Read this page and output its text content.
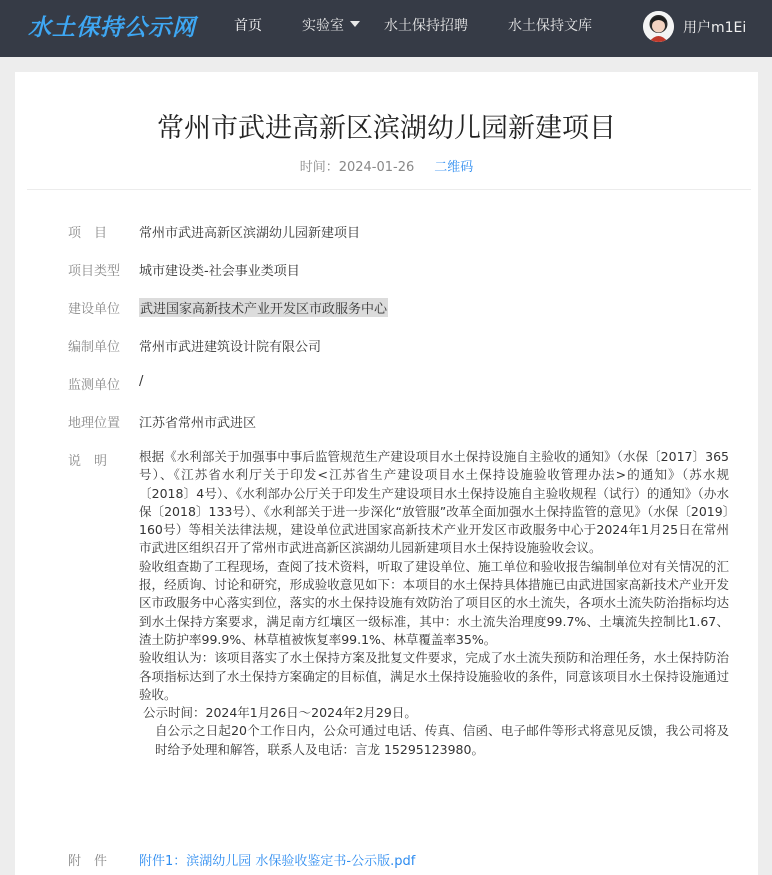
水土保持公示网	首页	实验室	水土保持招聘	水土保持文库	用户m1Ei
常州市武进高新区滨湖幼儿园新建项目
时间：2024-01-26 二维码
项　目	常州市武进高新区滨湖幼儿园新建项目
项目类型	城市建设类-社会事业类项目
建设单位	武进国家高新技术产业开发区市政服务中心
编制单位	常州市武进建筑设计院有限公司
监测单位	/
地理位置	江苏省常州市武进区
说　明	根据《水利部关于加强事中事后监管规范生产建设项目水土保持设施自主验收的通知》（水保〔2017〕365号）、《江苏省水利厅关于印发<江苏省生产建设项目水土保持设施验收管理办法>的通知》（苏水规〔2018〕4号）、《水利部办公厅关于印发生产建设项目水土保持设施自主验收规程（试行）的通知》（办水保〔2018〕133号）、《水利部关于进一步深化“放管服”改革全面加强水土保持监管的意见》（水保〔2019〕160号）等相关法律法规，建设单位武进国家高新技术产业开发区市政服务中心于2024年1月25日在常州市武进区组织召开了常州市武进高新区滨湖幼儿园新建项目水土保持设施验收会议。

验收组查勘了工程现场，查阅了技术资料，听取了建设单位、施工单位和验收报告编制单位对有关情况的汇报，经质询、讨论和研究，形成验收意见如下：本项目的水土保持具体措施已由武进国家高新技术产业开发区市政服务中心落实到位，落实的水土保持设施有效防治了项目区的水土流失，各项水土流失防治指标均达到水土保持方案要求，满足南方红壤区一级标准，其中：水土流失治理度99.7%、土壤流失控制比1.67、渣土防护率99.9%、林草植被恢复率99.1%、林草覆盖率35%。

验收组认为：该项目落实了水土保持方案及批复文件要求，完成了水土流失预防和治理任务，水土保持防治各项指标达到了水土保持方案确定的目标值，满足水土保持设施验收的条件，同意该项目水土保持设施通过验收。

公示时间：2024年1月26日～2024年2月29日。

自公示之日起20个工作日内，公众可通过电话、传真、信函、电子邮件等形式将意见反馈，我公司将及时给予处理和解答，联系人及电话：言龙 15295123980。

附　件	附件1：滨湖幼儿园 水保验收鉴定书-公示版.pdf
